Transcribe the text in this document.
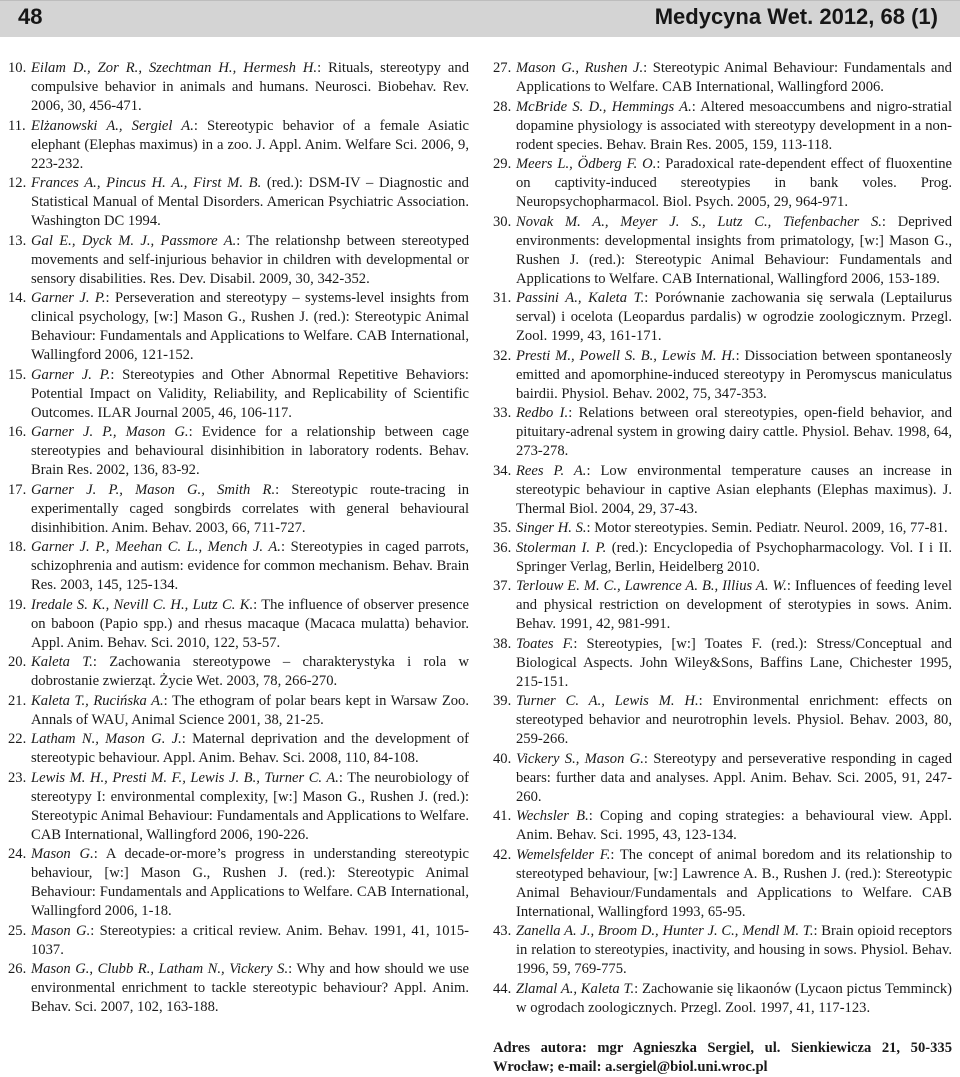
48	Medycyna Wet. 2012, 68 (1)
10. Eilam D., Zor R., Szechtman H., Hermesh H.: Rituals, stereotypy and compulsive behavior in animals and humans. Neurosci. Biobehav. Rev. 2006, 30, 456-471.
11. Elżanowski A., Sergiel A.: Stereotypic behavior of a female Asiatic elephant (Elephas maximus) in a zoo. J. Appl. Anim. Welfare Sci. 2006, 9, 223-232.
12. Frances A., Pincus H. A., First M. B. (red.): DSM-IV – Diagnostic and Statistical Manual of Mental Disorders. American Psychiatric Association. Washington DC 1994.
13. Gal E., Dyck M. J., Passmore A.: The relationshp between stereotyped movements and self-injurious behavior in children with developmental or sensory disabilities. Res. Dev. Disabil. 2009, 30, 342-352.
14. Garner J. P.: Perseveration and stereotypy – systems-level insights from clinical psychology, [w:] Mason G., Rushen J. (red.): Stereotypic Animal Behaviour: Fundamentals and Applications to Welfare. CAB International, Wallingford 2006, 121-152.
15. Garner J. P.: Stereotypies and Other Abnormal Repetitive Behaviors: Potential Impact on Validity, Reliability, and Replicability of Scientific Outcomes. ILAR Journal 2005, 46, 106-117.
16. Garner J. P., Mason G.: Evidence for a relationship between cage stereotypies and behavioural disinhibition in laboratory rodents. Behav. Brain Res. 2002, 136, 83-92.
17. Garner J. P., Mason G., Smith R.: Stereotypic route-tracing in experimentally caged songbirds correlates with general behavioural disinhibition. Anim. Behav. 2003, 66, 711-727.
18. Garner J. P., Meehan C. L., Mench J. A.: Stereotypies in caged parrots, schizophrenia and autism: evidence for common mechanism. Behav. Brain Res. 2003, 145, 125-134.
19. Iredale S. K., Nevill C. H., Lutz C. K.: The influence of observer presence on baboon (Papio spp.) and rhesus macaque (Macaca mulatta) behavior. Appl. Anim. Behav. Sci. 2010, 122, 53-57.
20. Kaleta T.: Zachowania stereotypowe – charakterystyka i rola w dobrostanie zwierząt. Życie Wet. 2003, 78, 266-270.
21. Kaleta T., Rucińska A.: The ethogram of polar bears kept in Warsaw Zoo. Annals of WAU, Animal Science 2001, 38, 21-25.
22. Latham N., Mason G. J.: Maternal deprivation and the development of stereotypic behaviour. Appl. Anim. Behav. Sci. 2008, 110, 84-108.
23. Lewis M. H., Presti M. F., Lewis J. B., Turner C. A.: The neurobiology of stereotypy I: environmental complexity, [w:] Mason G., Rushen J. (red.): Stereotypic Animal Behaviour: Fundamentals and Applications to Welfare. CAB International, Wallingford 2006, 190-226.
24. Mason G.: A decade-or-more’s progress in understanding stereotypic behaviour, [w:] Mason G., Rushen J. (red.): Stereotypic Animal Behaviour: Fundamentals and Applications to Welfare. CAB International, Wallingford 2006, 1-18.
25. Mason G.: Stereotypies: a critical review. Anim. Behav. 1991, 41, 1015-1037.
26. Mason G., Clubb R., Latham N., Vickery S.: Why and how should we use environmental enrichment to tackle stereotypic behaviour? Appl. Anim. Behav. Sci. 2007, 102, 163-188.
27. Mason G., Rushen J.: Stereotypic Animal Behaviour: Fundamentals and Applications to Welfare. CAB International, Wallingford 2006.
28. McBride S. D., Hemmings A.: Altered mesoaccumbens and nigro-stratial dopamine physiology is associated with stereotypy development in a non-rodent species. Behav. Brain Res. 2005, 159, 113-118.
29. Meers L., Ödberg F. O.: Paradoxical rate-dependent effect of fluoxentine on captivity-induced stereotypies in bank voles. Prog. Neuropsychopharmacol. Biol. Psych. 2005, 29, 964-971.
30. Novak M. A., Meyer J. S., Lutz C., Tiefenbacher S.: Deprived environments: developmental insights from primatology, [w:] Mason G., Rushen J. (red.): Stereotypic Animal Behaviour: Fundamentals and Applications to Welfare. CAB International, Wallingford 2006, 153-189.
31. Passini A., Kaleta T.: Porównanie zachowania się serwala (Leptailurus serval) i ocelota (Leopardus pardalis) w ogrodzie zoologicznym. Przegl. Zool. 1999, 43, 161-171.
32. Presti M., Powell S. B., Lewis M. H.: Dissociation between spontaneosly emitted and apomorphine-induced stereotypy in Peromyscus maniculatus bairdii. Physiol. Behav. 2002, 75, 347-353.
33. Redbo I.: Relations between oral stereotypies, open-field behavior, and pituitary-adrenal system in growing dairy cattle. Physiol. Behav. 1998, 64, 273-278.
34. Rees P. A.: Low environmental temperature causes an increase in stereotypic behaviour in captive Asian elephants (Elephas maximus). J. Thermal Biol. 2004, 29, 37-43.
35. Singer H. S.: Motor stereotypies. Semin. Pediatr. Neurol. 2009, 16, 77-81.
36. Stolerman I. P. (red.): Encyclopedia of Psychopharmacology. Vol. I i II. Springer Verlag, Berlin, Heidelberg 2010.
37. Terlouw E. M. C., Lawrence A. B., Illius A. W.: Influences of feeding level and physical restriction on development of sterotypies in sows. Anim. Behav. 1991, 42, 981-991.
38. Toates F.: Stereotypies, [w:] Toates F. (red.): Stress/Conceptual and Biological Aspects. John Wiley&Sons, Baffins Lane, Chichester 1995, 215-151.
39. Turner C. A., Lewis M. H.: Environmental enrichment: effects on stereotyped behavior and neurotrophin levels. Physiol. Behav. 2003, 80, 259-266.
40. Vickery S., Mason G.: Stereotypy and perseverative responding in caged bears: further data and analyses. Appl. Anim. Behav. Sci. 2005, 91, 247-260.
41. Wechsler B.: Coping and coping strategies: a behavioural view. Appl. Anim. Behav. Sci. 1995, 43, 123-134.
42. Wemelsfelder F.: The concept of animal boredom and its relationship to stereotyped behaviour, [w:] Lawrence A. B., Rushen J. (red.): Stereotypic Animal Behaviour/Fundamentals and Applications to Welfare. CAB International, Wallingford 1993, 65-95.
43. Zanella A. J., Broom D., Hunter J. C., Mendl M. T.: Brain opioid receptors in relation to stereotypies, inactivity, and housing in sows. Physiol. Behav. 1996, 59, 769-775.
44. Zlamal A., Kaleta T.: Zachowanie się likaonów (Lycaon pictus Temminck) w ogrodach zoologicznych. Przegl. Zool. 1997, 41, 117-123.
Adres autora: mgr Agnieszka Sergiel, ul. Sienkiewicza 21, 50-335 Wrocław; e-mail: a.sergiel@biol.uni.wroc.pl
